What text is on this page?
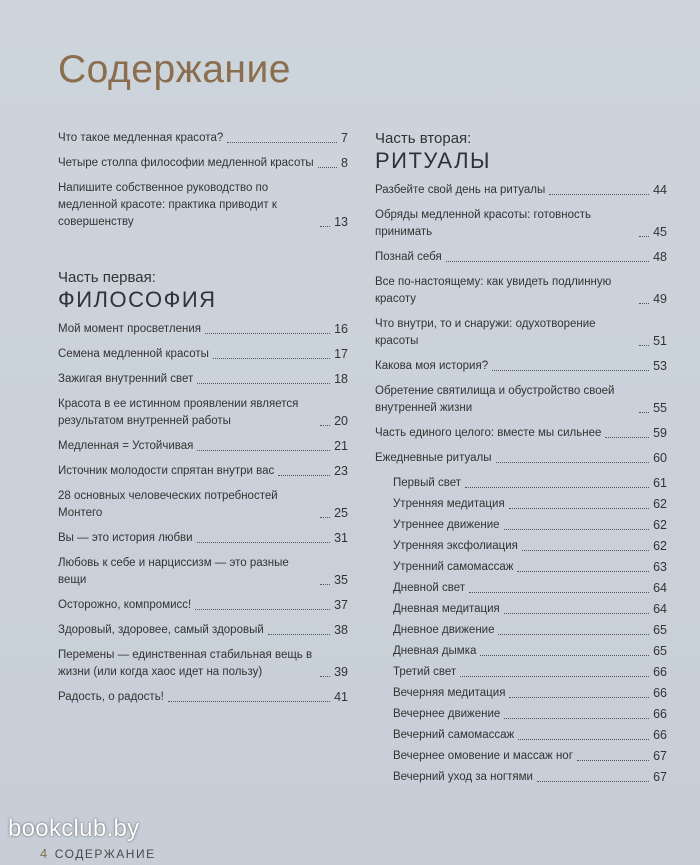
Содержание
Что такое медленная красота?	7
Четыре столпа философии медленной красоты 8
Напишите собственное руководство по медленной красоте: практика приводит к совершенству	13
Часть первая:
ФИЛОСОФИЯ
Мой момент просветления	16
Семена медленной красоты	17
Зажигая внутренний свет	18
Красота в ее истинном проявлении является результатом внутренней работы	20
Медленная = Устойчивая	21
Источник молодости спрятан внутри вас	23
28 основных человеческих потребностей Монтего	25
Вы — это история любви	31
Любовь к себе и нарциссизм — это разные вещи	35
Осторожно, компромисс!	37
Здоровый, здоровее, самый здоровый	38
Перемены — единственная стабильная вещь в жизни (или когда хаос идет на пользу)	39
Радость, о радость!	41
Часть вторая:
РИТУАЛЫ
Разбейте свой день на ритуалы	44
Обряды медленной красоты: готовность принимать	45
Познай себя	48
Все по-настоящему: как увидеть подлинную красоту	49
Что внутри, то и снаружи: одухотворение красоты	51
Какова моя история?	53
Обретение святилища и обустройство своей внутренней жизни	55
Часть единого целого: вместе мы сильнее	59
Ежедневные ритуалы	60
Первый свет	61
Утренняя медитация	62
Утреннее движение	62
Утренняя эксфолиация	62
Утренний самомассаж	63
Дневной свет	64
Дневная медитация	64
Дневное движение	65
Дневная дымка	65
Третий свет	66
Вечерняя медитация	66
Вечернее движение	66
Вечерний самомассаж	66
Вечернее омовение и массаж ног	67
Вечерний уход за ногтями	67
4 СОДЕРЖАНИЕ
bookclub.by
